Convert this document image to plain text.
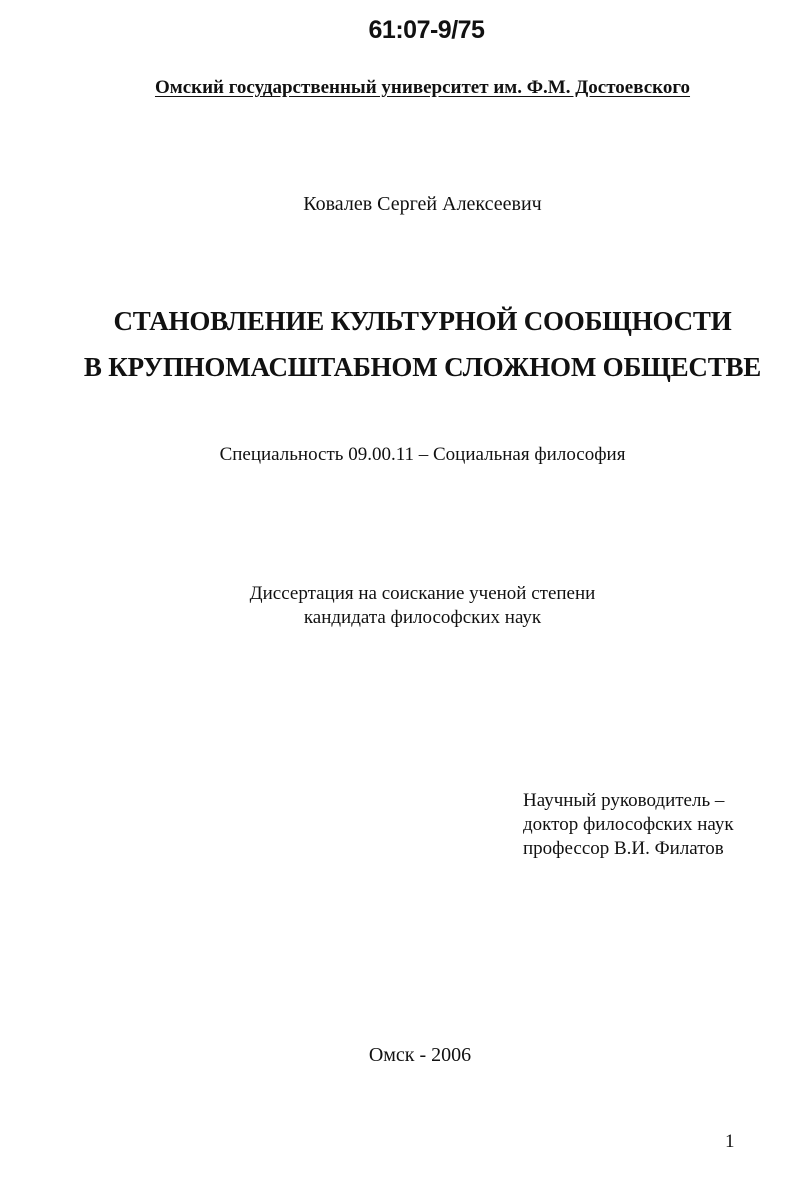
61:07-9/75

Омский государственный университет им. Ф.М. Достоевского

Ковалев Сергей Алексеевич

СТАНОВЛЕНИЕ КУЛЬТУРНОЙ СООБЩНОСТИ
В КРУПНОМАСШТАБНОМ СЛОЖНОМ ОБЩЕСТВЕ

Специальность 09.00.11 – Социальная философия

Диссертация на соискание ученой степени

кандидата философских наук

Научный руководитель –

доктор философских наук

профессор В.И. Филатов

Омск - 2006

1
